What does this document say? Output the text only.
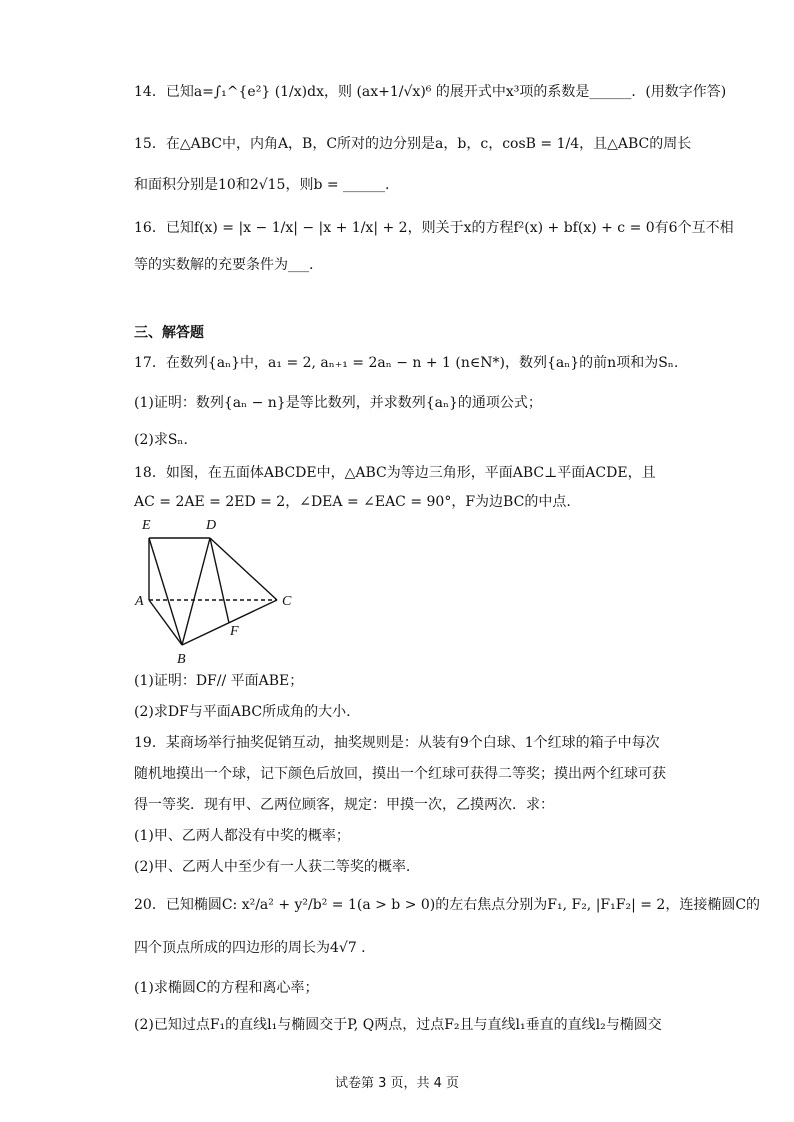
14．已知a=∫₁^{e²} (1/x)dx，则 (ax+1/√x)⁶ 的展开式中x³项的系数是______．(用数字作答)
15．在△ABC中，内角A，B，C所对的边分别是a，b，c，cosB = 1/4，且△ABC的周长
和面积分别是10和2√15，则b = ______.
16．已知f(x) = |x − 1/x| − |x + 1/x| + 2，则关于x的方程f²(x) + bf(x) + c = 0有6个互不相
等的实数解的充要条件为___.
三、解答题
17．在数列{aₙ}中，a₁ = 2, aₙ₊₁ = 2aₙ − n + 1 (n∈N*)，数列{aₙ}的前n项和为Sₙ.
(1)证明：数列{aₙ − n}是等比数列，并求数列{aₙ}的通项公式；
(2)求Sₙ.
18．如图，在五面体ABCDE中，△ABC为等边三角形，平面ABC⊥平面ACDE，且
AC = 2AE = 2ED = 2，∠DEA = ∠EAC = 90°，F为边BC的中点.
E	D
A	C
F
B
(1)证明：DF// 平面ABE；
(2)求DF与平面ABC所成角的大小.
19．某商场举行抽奖促销互动，抽奖规则是：从装有9个白球、1个红球的箱子中每次
随机地摸出一个球，记下颜色后放回，摸出一个红球可获得二等奖；摸出两个红球可获
得一等奖．现有甲、乙两位顾客，规定：甲摸一次，乙摸两次．求：
(1)甲、乙两人都没有中奖的概率；
(2)甲、乙两人中至少有一人获二等奖的概率.
20．已知椭圆C: x²/a² + y²/b² = 1(a > b > 0)的左右焦点分别为F₁, F₂, |F₁F₂| = 2，连接椭圆C的
四个顶点所成的四边形的周长为4√7 .
(1)求椭圆C的方程和离心率；
(2)已知过点F₁的直线l₁与椭圆交于P, Q两点，过点F₂且与直线l₁垂直的直线l₂与椭圆交
试卷第 3 页，共 4 页
